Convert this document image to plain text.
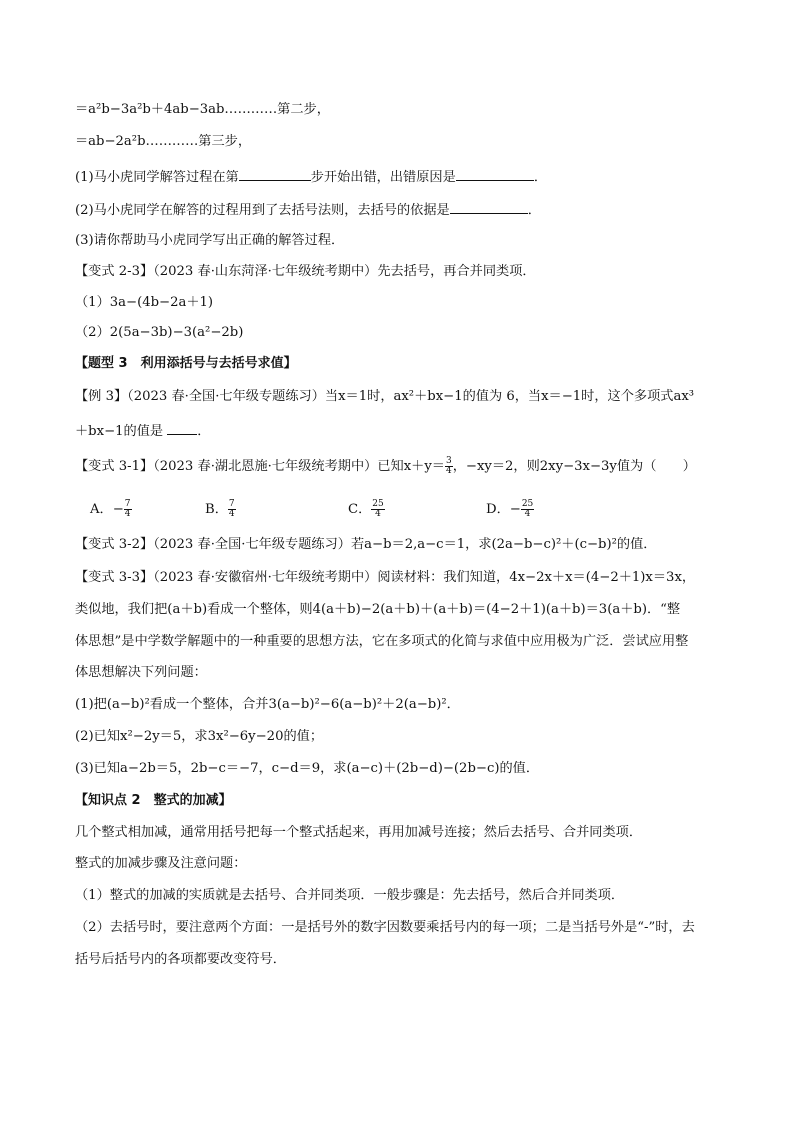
＝a²b−3a²b＋4ab−3ab…………第二步，
＝ab−2a²b…………第三步，
(1)马小虎同学解答过程在第	步开始出错，出错原因是	．
(2)马小虎同学在解答的过程用到了去括号法则，去括号的依据是	．
(3)请你帮助马小虎同学写出正确的解答过程．
【变式 2-3】（2023 春·山东菏泽·七年级统考期中）先去括号，再合并同类项．
（1）3a−(4b−2a＋1)
（2）2(5a−3b)−3(a²−2b)
【题型 3　利用添括号与去括号求值】
【例 3】（2023 春·全国·七年级专题练习）当x＝1时，ax²＋bx−1的值为 6，当x＝−1时，这个多项式ax³
＋bx−1的值是	．
【变式 3-1】（2023 春·湖北恩施·七年级统考期中）已知$x+y= \frac{3}{4}$ ，−xy＝2，则2xy−3x−3y值为（　　）
A．− $\frac{7}{4}$	B． $\frac{7}{4}$	C． $\frac{25}{4}$	D．− $\frac{25}{4}$
【变式 3-2】（2023 春·全国·七年级专题练习）若a−b＝2,a−c＝1，求(2a−b−c)²＋(c−b)²的值．
【变式 3-3】（2023 春·安徽宿州·七年级统考期中）阅读材料：我们知道，4x−2x＋x＝(4−2＋1)x＝3x，
类似地，我们把(a＋b)看成一个整体，则4(a＋b)−2(a＋b)＋(a＋b)＝(4−2＋1)(a＋b)＝3(a＋b)．“整
体思想”是中学数学解题中的一种重要的思想方法，它在多项式的化简与求值中应用极为广泛．尝试应用整
体思想解决下列问题：
(1)把(a−b)²看成一个整体，合并3(a−b)²−6(a−b)²＋2(a−b)²．
(2)已知x²−2y＝5，求3x²−6y−20的值；
(3)已知a−2b＝5，2b−c＝−7，c−d＝9，求(a−c)＋(2b−d)−(2b−c)的值．
【知识点 2　整式的加减】
几个整式相加减，通常用括号把每一个整式括起来，再用加减号连接；然后去括号、合并同类项．
整式的加减步骤及注意问题：
（1）整式的加减的实质就是去括号、合并同类项．一般步骤是：先去括号，然后合并同类项．
（2）去括号时，要注意两个方面：一是括号外的数字因数要乘括号内的每一项；二是当括号外是“-”时，去
括号后括号内的各项都要改变符号．
